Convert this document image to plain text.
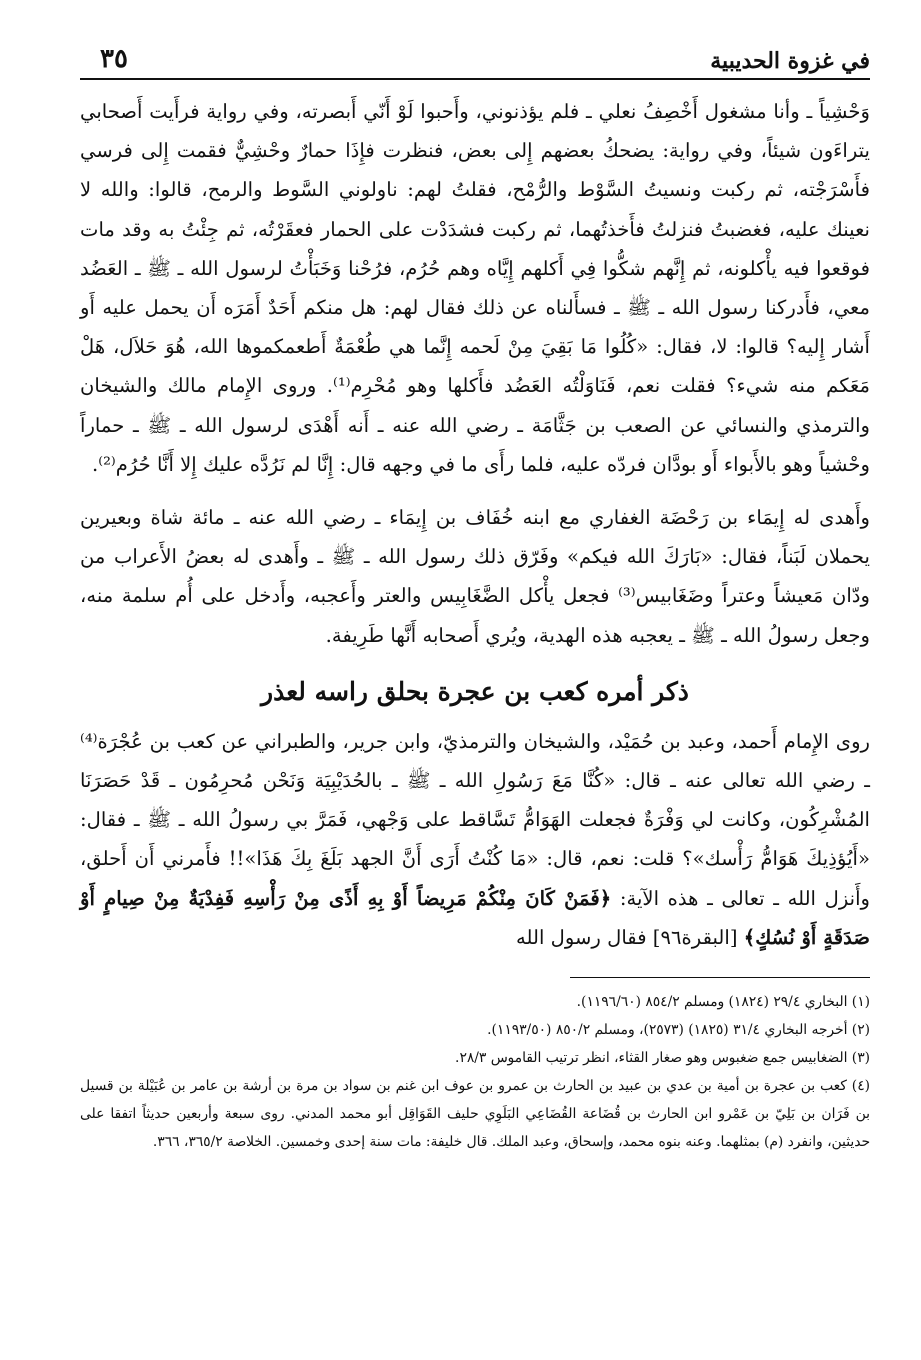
في غزوة الحديبية
٣٥

وَحْشِياً ـ وأنا مشغول أَخْصِفُ نعلي ـ فلم يؤذنوني، وأَحبوا لَوْ أَنّي أَبصرته، وفي رواية فرأَيت أَصحابي يتراءَون شيئاً، وفي رواية: يضحكُ بعضهم إِلى بعض، فنظرت فإِذَا حمارٌ وحْشِيٌّ فقمت إِلى فرسي فأَسْرَجْته، ثم ركبت ونسيتُ السَّوْط والرُّمْح، فقلتُ لهم: ناولوني السَّوط والرمح، قالوا: والله لا نعينك عليه، فغضبتُ فنزلتُ فأَخذتُهما، ثم ركبت فشدَدْت على الحمار فعقَرْتُه، ثم جِئْتُ به وقد مات فوقعوا فيه يأْكلونه، ثم إِنَّهم شكُّوا فِي أَكلهم إِيَّاه وهم حُرُم، فرُحْنا وَخَبَأْتُ لرسول الله ـ ﷺ ـ العَضُد معي، فأَدركنا رسول الله ـ ﷺ ـ فسأَلناه عن ذلك فقال لهم: هل منكم أَحَدٌ أَمَرَه أَن يحمل عليه أَو أَشار إِليه؟ قالوا: لا، فقال: «كُلُوا مَا بَقِيَ مِنْ لَحمه إِنَّما هي طُعْمَةٌ أَطعمكموها الله، هُوَ حَلاَل، هَلْ مَعَكم منه شيء؟ فقلت نعم، فَنَاوَلْتُه العَضُد فأَكلها وهو مُحْرِم⁽¹⁾. وروى الإِمام مالك والشيخان والترمذي والنسائي عن الصعب بن جَثَّامَة ـ رضي الله عنه ـ أَنه أَهْدَى لرسول الله ـ ﷺ ـ حماراً وحْشياً وهو بالأَبواء أَو بودَّان فردّه عليه، فلما رأَى ما في وجهه قال: إِنَّا لم نَرُدَّه عليك إِلا أَنَّا حُرُم⁽²⁾.

وأَهدى له إِيمَاء بن رَحْضَة الغفاري مع ابنه خُفَاف بن إِيمَاء ـ رضي الله عنه ـ مائة شاة وبعيرين يحملان لَبَناً، فقال: «بَارَكَ الله فيكم» وفَرّق ذلك رسول الله ـ ﷺ ـ وأَهدى له بعضُ الأَعراب من ودّان مَعيشاً وعتراً وضَغَابيس⁽³⁾ فجعل يأْكل الضَّغَابِيس والعتر وأَعجبه، وأَدخل على أُم سلمة منه، وجعل رسولُ الله ـ ﷺ ـ يعجبه هذه الهدية، ويُري أَصحابه أَنَّها طَرِيفة.

ذكر أمره كعب بن عجرة بحلق راسه لعذر

روى الإِمام أَحمد، وعبد بن حُمَيْد، والشيخان والترمذيّ، وابن جرير، والطبراني عن كعب بن عُجْرَة⁽⁴⁾ ـ رضي الله تعالى عنه ـ قال: «كُنَّا مَعَ رَسُولِ الله ـ ﷺ ـ بالحُدَيْبِيَة وَنَحْن مُحرِمُون ـ قَدْ حَصَرَنَا المُشْرِكُون، وكانت لي وَفْرَةٌ فجعلت الهَوَامُّ تَسَّاقط على وَجْهي، فَمَرَّ بي رسولُ الله ـ ﷺ ـ فقال: «أَيُؤذِيكَ هَوَامُّ رَأْسك»؟ قلت: نعم، قال: «مَا كُنْتُ أَرَى أَنَّ الجهد بَلَغَ بِكَ هَذَا»!! فأَمرني أَن أَحلق، وأَنزل الله ـ تعالى ـ هذه الآية: ﴿فَمَنْ كَانَ مِنْكُمْ مَرِيضاً أَوْ بِهِ أَذًى مِنْ رَأْسِهِ فَفِدْيَةٌ مِنْ صِيامٍ أَوْ صَدَقَةٍ أَوْ نُسُكٍ﴾ [البقرة٩٦] فقال رسول الله

(١) البخاري ٢٩/٤ (١٨٢٤) ومسلم ٨٥٤/٢ (١١٩٦/٦٠).

(٢) أخرجه البخاري ٣١/٤ (١٨٢٥) (٢٥٧٣)، ومسلم ٨٥٠/٢ (١١٩٣/٥٠).

(٣) الضغابيس جمع ضغبوس وهو صغار القثاء، انظر ترتيب القاموس ٢٨/٣.

(٤) كعب بن عجرة بن أمية بن عدي بن عبيد بن الحارث بن عمرو بن عوف ابن غنم بن سواد بن مرة بن أرشة بن عامر بن عُبَيْلة بن قسيل بن فَرَان بن بَلِيّ بن عَمْرو ابن الحارث بن قُضَاعة القُضَاعِي البَلَوِي حليف القَوَاقِل أبو محمد المدني. روى سبعة وأربعين حديثاً اتفقا على حديثين، وانفرد (م) بمثلهما. وعنه بنوه محمد، وإسحاق، وعبد الملك. قال خليفة: مات سنة إحدى وخمسين. الخلاصة ٣٦٥/٢، ٣٦٦.
